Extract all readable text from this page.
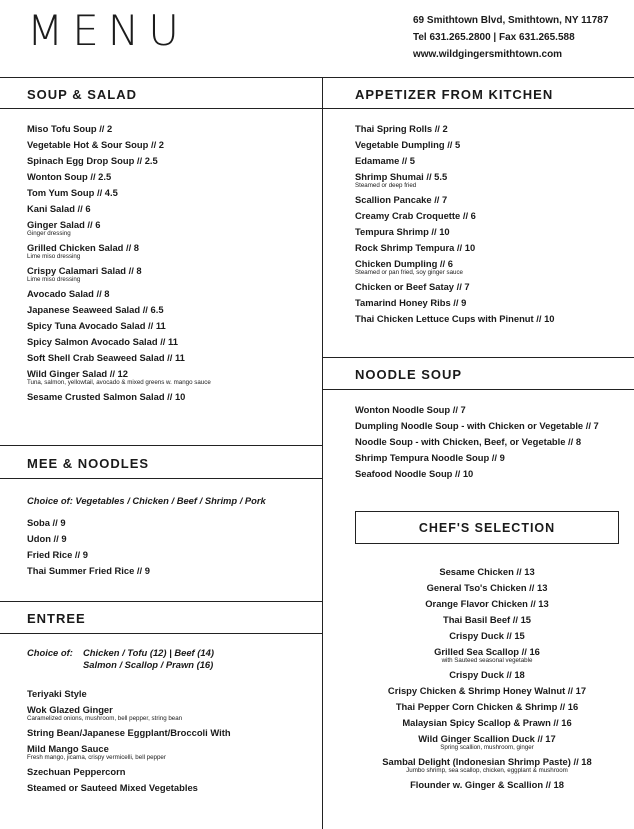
MENU	69 Smithtown Blvd, Smithtown, NY 11787
Tel 631.265.2800 | Fax 631.265.588
www.wildgingersmithtown.com
SOUP & SALAD
Miso Tofu Soup // 2
Vegetable Hot & Sour Soup // 2
Spinach Egg Drop Soup // 2.5
Wonton Soup // 2.5
Tom Yum Soup // 4.5
Kani Salad // 6
Ginger Salad // 6
Ginger dressing
Grilled Chicken Salad // 8
Lime miso dressing
Crispy Calamari Salad // 8
Lime miso dressing
Avocado Salad // 8
Japanese Seaweed Salad // 6.5
Spicy Tuna Avocado Salad // 11
Spicy Salmon Avocado Salad // 11
Soft Shell Crab Seaweed Salad // 11
Wild Ginger Salad // 12
Tuna, salmon, yellowtail, avocado & mixed greens w. mango sauce
Sesame Crusted Salmon Salad // 10
MEE & NOODLES
Choice of: Vegetables / Chicken / Beef / Shrimp / Pork
Soba // 9
Udon // 9
Fried Rice // 9
Thai Summer Fried Rice // 9
ENTREE
Choice of:	Chicken / Tofu (12) | Beef (14)
Salmon / Scallop / Prawn (16)
Teriyaki Style
Wok Glazed Ginger
Caramelized onions, mushroom, bell pepper, string bean
String Bean/Japanese Eggplant/Broccoli With
Mild Mango Sauce
Fresh mango, jicama, crispy vermicelli, bell pepper
Szechuan Peppercorn
Steamed or Sauteed Mixed Vegetables
APPETIZER FROM KITCHEN
Thai Spring Rolls // 2
Vegetable Dumpling // 5
Edamame // 5
Shrimp Shumai // 5.5
Steamed or deep fried
Scallion Pancake // 7
Creamy Crab Croquette // 6
Tempura Shrimp // 10
Rock Shrimp Tempura // 10
Chicken Dumpling // 6
Steamed or pan fried, soy ginger sauce
Chicken or Beef Satay // 7
Tamarind Honey Ribs // 9
Thai Chicken Lettuce Cups with Pinenut // 10
NOODLE SOUP
Wonton Noodle Soup // 7
Dumpling Noodle Soup - with Chicken or Vegetable // 7
Noodle Soup - with Chicken, Beef, or Vegetable // 8
Shrimp Tempura Noodle Soup // 9
Seafood Noodle Soup // 10
CHEF'S SELECTION
Sesame Chicken // 13
General Tso's Chicken // 13
Orange Flavor Chicken // 13
Thai Basil Beef // 15
Crispy Duck // 15
Grilled Sea Scallop // 16
with Sauteed seasonal vegetable
Crispy Duck // 18
Crispy Chicken & Shrimp Honey Walnut // 17
Thai Pepper Corn Chicken & Shrimp // 16
Malaysian Spicy Scallop & Prawn // 16
Wild Ginger Scallion Duck // 17
Spring scallion, mushroom, ginger
Sambal Delight (Indonesian Shrimp Paste) // 18
Jumbo shrimp, sea scallop, chicken, eggplant & mushroom
Flounder w. Ginger & Scallion // 18
